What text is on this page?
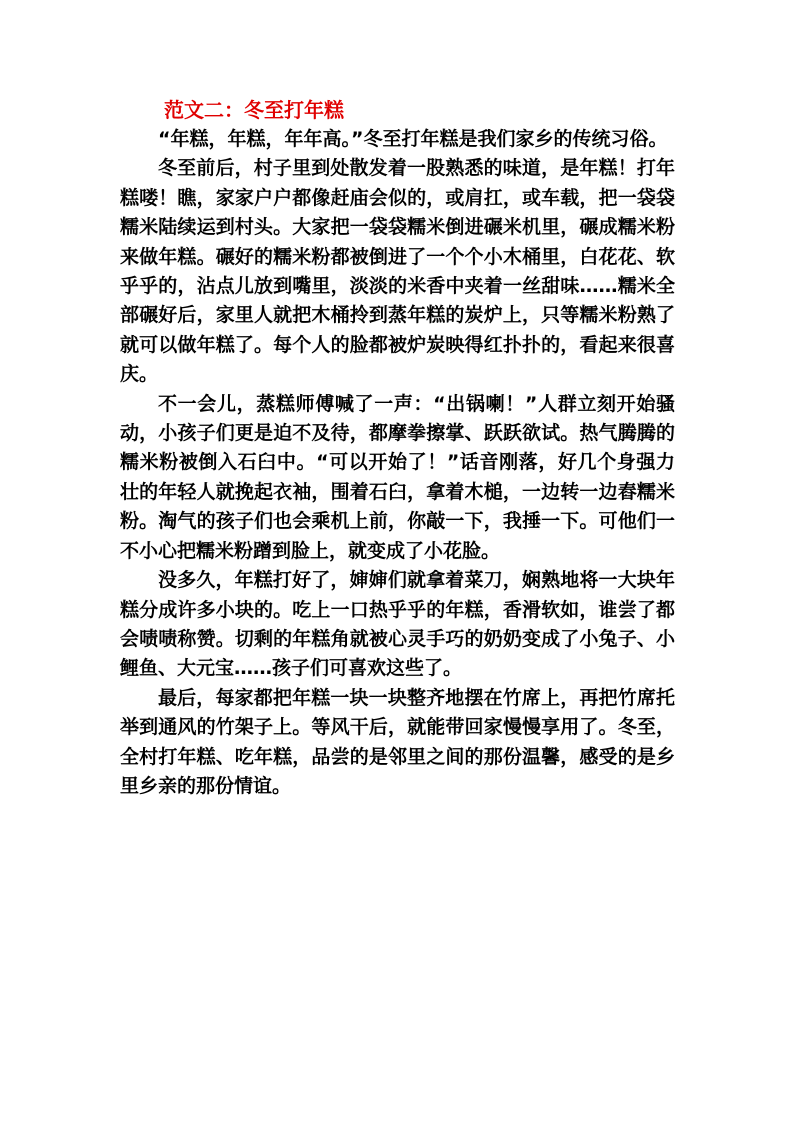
范文二：冬至打年糕

“年糕，年糕，年年高。”冬至打年糕是我们家乡的传统习俗。

冬至前后，村子里到处散发着一股熟悉的味道，是年糕！打年糕喽！瞧，家家户户都像赶庙会似的，或肩扛，或车载，把一袋袋糯米陆续运到村头。大家把一袋袋糯米倒进碾米机里，碾成糯米粉来做年糕。碾好的糯米粉都被倒进了一个个小木桶里，白花花、软乎乎的，沾点儿放到嘴里，淡淡的米香中夹着一丝甜味……糯米全部碾好后，家里人就把木桶拎到蒸年糕的炭炉上，只等糯米粉熟了就可以做年糕了。每个人的脸都被炉炭映得红扑扑的，看起来很喜庆。

不一会儿，蒸糕师傅喊了一声：“出锅喇！”人群立刻开始骚动，小孩子们更是迫不及待，都摩拳擦掌、跃跃欲试。热气腾腾的糯米粉被倒入石臼中。“可以开始了！”话音刚落，好几个身强力壮的年轻人就挽起衣袖，围着石臼，拿着木槌，一边转一边舂糯米粉。淘气的孩子们也会乘机上前，你敲一下，我捶一下。可他们一不小心把糯米粉蹭到脸上，就变成了小花脸。

没多久，年糕打好了，婶婶们就拿着菜刀，娴熟地将一大块年糕分成许多小块的。吃上一口热乎乎的年糕，香滑软如，谁尝了都会啧啧称赞。切剩的年糕角就被心灵手巧的奶奶变成了小兔子、小鲤鱼、大元宝……孩子们可喜欢这些了。

最后，每家都把年糕一块一块整齐地摆在竹席上，再把竹席托举到通风的竹架子上。等风干后，就能带回家慢慢享用了。冬至，全村打年糕、吃年糕，品尝的是邻里之间的那份温馨，感受的是乡里乡亲的那份情谊。
